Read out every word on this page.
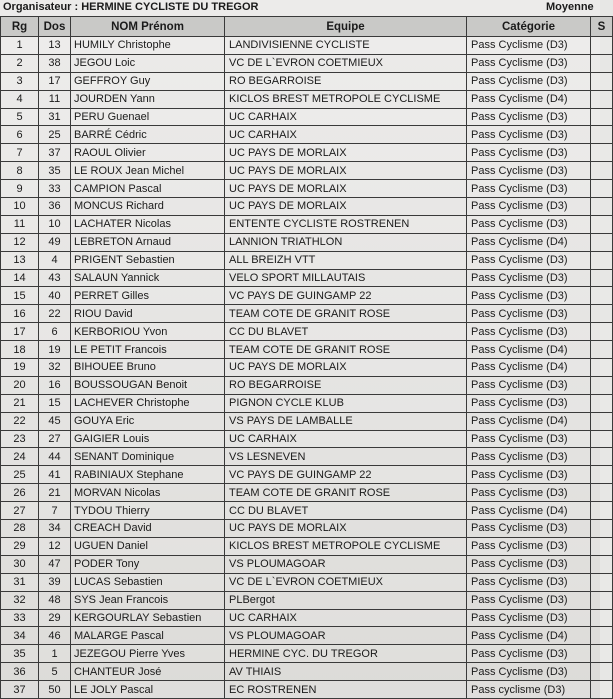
Organisateur : HERMINE CYCLISTE DU TREGOR	Moyenne
Rg	Dos	NOM Prénom	Equipe	Catégorie	S
1	13	HUMILY Christophe	LANDIVISIENNE CYCLISTE	Pass Cyclisme (D3)	
2	38	JEGOU Loic	VC DE L`EVRON COETMIEUX	Pass Cyclisme (D3)	
3	17	GEFFROY Guy	RO BEGARROISE	Pass Cyclisme (D3)	
4	11	JOURDEN Yann	KICLOS BREST METROPOLE CYCLISME	Pass Cyclisme (D4)	
5	31	PERU Guenael	UC CARHAIX	Pass Cyclisme (D3)	
6	25	BARRÉ Cédric	UC CARHAIX	Pass Cyclisme (D3)	
7	37	RAOUL Olivier	UC PAYS DE MORLAIX	Pass Cyclisme (D3)	
8	35	LE ROUX Jean Michel	UC PAYS DE MORLAIX	Pass Cyclisme (D3)	
9	33	CAMPION Pascal	UC PAYS DE MORLAIX	Pass Cyclisme (D3)	
10	36	MONCUS Richard	UC PAYS DE MORLAIX	Pass Cyclisme (D3)	
11	10	LACHATER Nicolas	ENTENTE CYCLISTE ROSTRENEN	Pass Cyclisme (D3)	
12	49	LEBRETON Arnaud	LANNION TRIATHLON	Pass Cyclisme (D4)	
13	4	PRIGENT Sebastien	ALL BREIZH VTT	Pass Cyclisme (D3)	
14	43	SALAUN Yannick	VELO SPORT MILLAUTAIS	Pass Cyclisme (D3)	
15	40	PERRET Gilles	VC PAYS DE GUINGAMP 22	Pass Cyclisme (D3)	
16	22	RIOU David	TEAM COTE DE GRANIT ROSE	Pass Cyclisme (D3)	
17	6	KERBORIOU Yvon	CC DU BLAVET	Pass Cyclisme (D3)	
18	19	LE PETIT Francois	TEAM COTE DE GRANIT ROSE	Pass Cyclisme (D4)	
19	32	BIHOUEE Bruno	UC PAYS DE MORLAIX	Pass Cyclisme (D4)	
20	16	BOUSSOUGAN Benoit	RO BEGARROISE	Pass Cyclisme (D3)	
21	15	LACHEVER Christophe	PIGNON CYCLE KLUB	Pass Cyclisme (D3)	
22	45	GOUYA Eric	VS PAYS DE LAMBALLE	Pass Cyclisme (D4)	
23	27	GAIGIER Louis	UC CARHAIX	Pass Cyclisme (D3)	
24	44	SENANT Dominique	VS LESNEVEN	Pass Cyclisme (D3)	
25	41	RABINIAUX Stephane	VC PAYS DE GUINGAMP 22	Pass Cyclisme (D3)	
26	21	MORVAN Nicolas	TEAM COTE DE GRANIT ROSE	Pass Cyclisme (D3)	
27	7	TYDOU Thierry	CC DU BLAVET	Pass Cyclisme (D4)	
28	34	CREACH David	UC PAYS DE MORLAIX	Pass Cyclisme (D3)	
29	12	UGUEN Daniel	KICLOS BREST METROPOLE CYCLISME	Pass Cyclisme (D3)	
30	47	PODER Tony	VS PLOUMAGOAR	Pass Cyclisme (D3)	
31	39	LUCAS Sebastien	VC DE L`EVRON COETMIEUX	Pass Cyclisme (D3)	
32	48	SYS Jean Francois	PLBergot	Pass Cyclisme (D3)	
33	29	KERGOURLAY Sebastien	UC CARHAIX	Pass Cyclisme (D3)	
34	46	MALARGE Pascal	VS PLOUMAGOAR	Pass Cyclisme (D4)	
35	1	JEZEGOU Pierre Yves	HERMINE CYC. DU TREGOR	Pass Cyclisme (D3)	
36	5	CHANTEUR José	AV THIAIS	Pass Cyclisme (D3)	
37	50	LE JOLY Pascal	EC ROSTRENEN	Pass cyclisme (D3)	
